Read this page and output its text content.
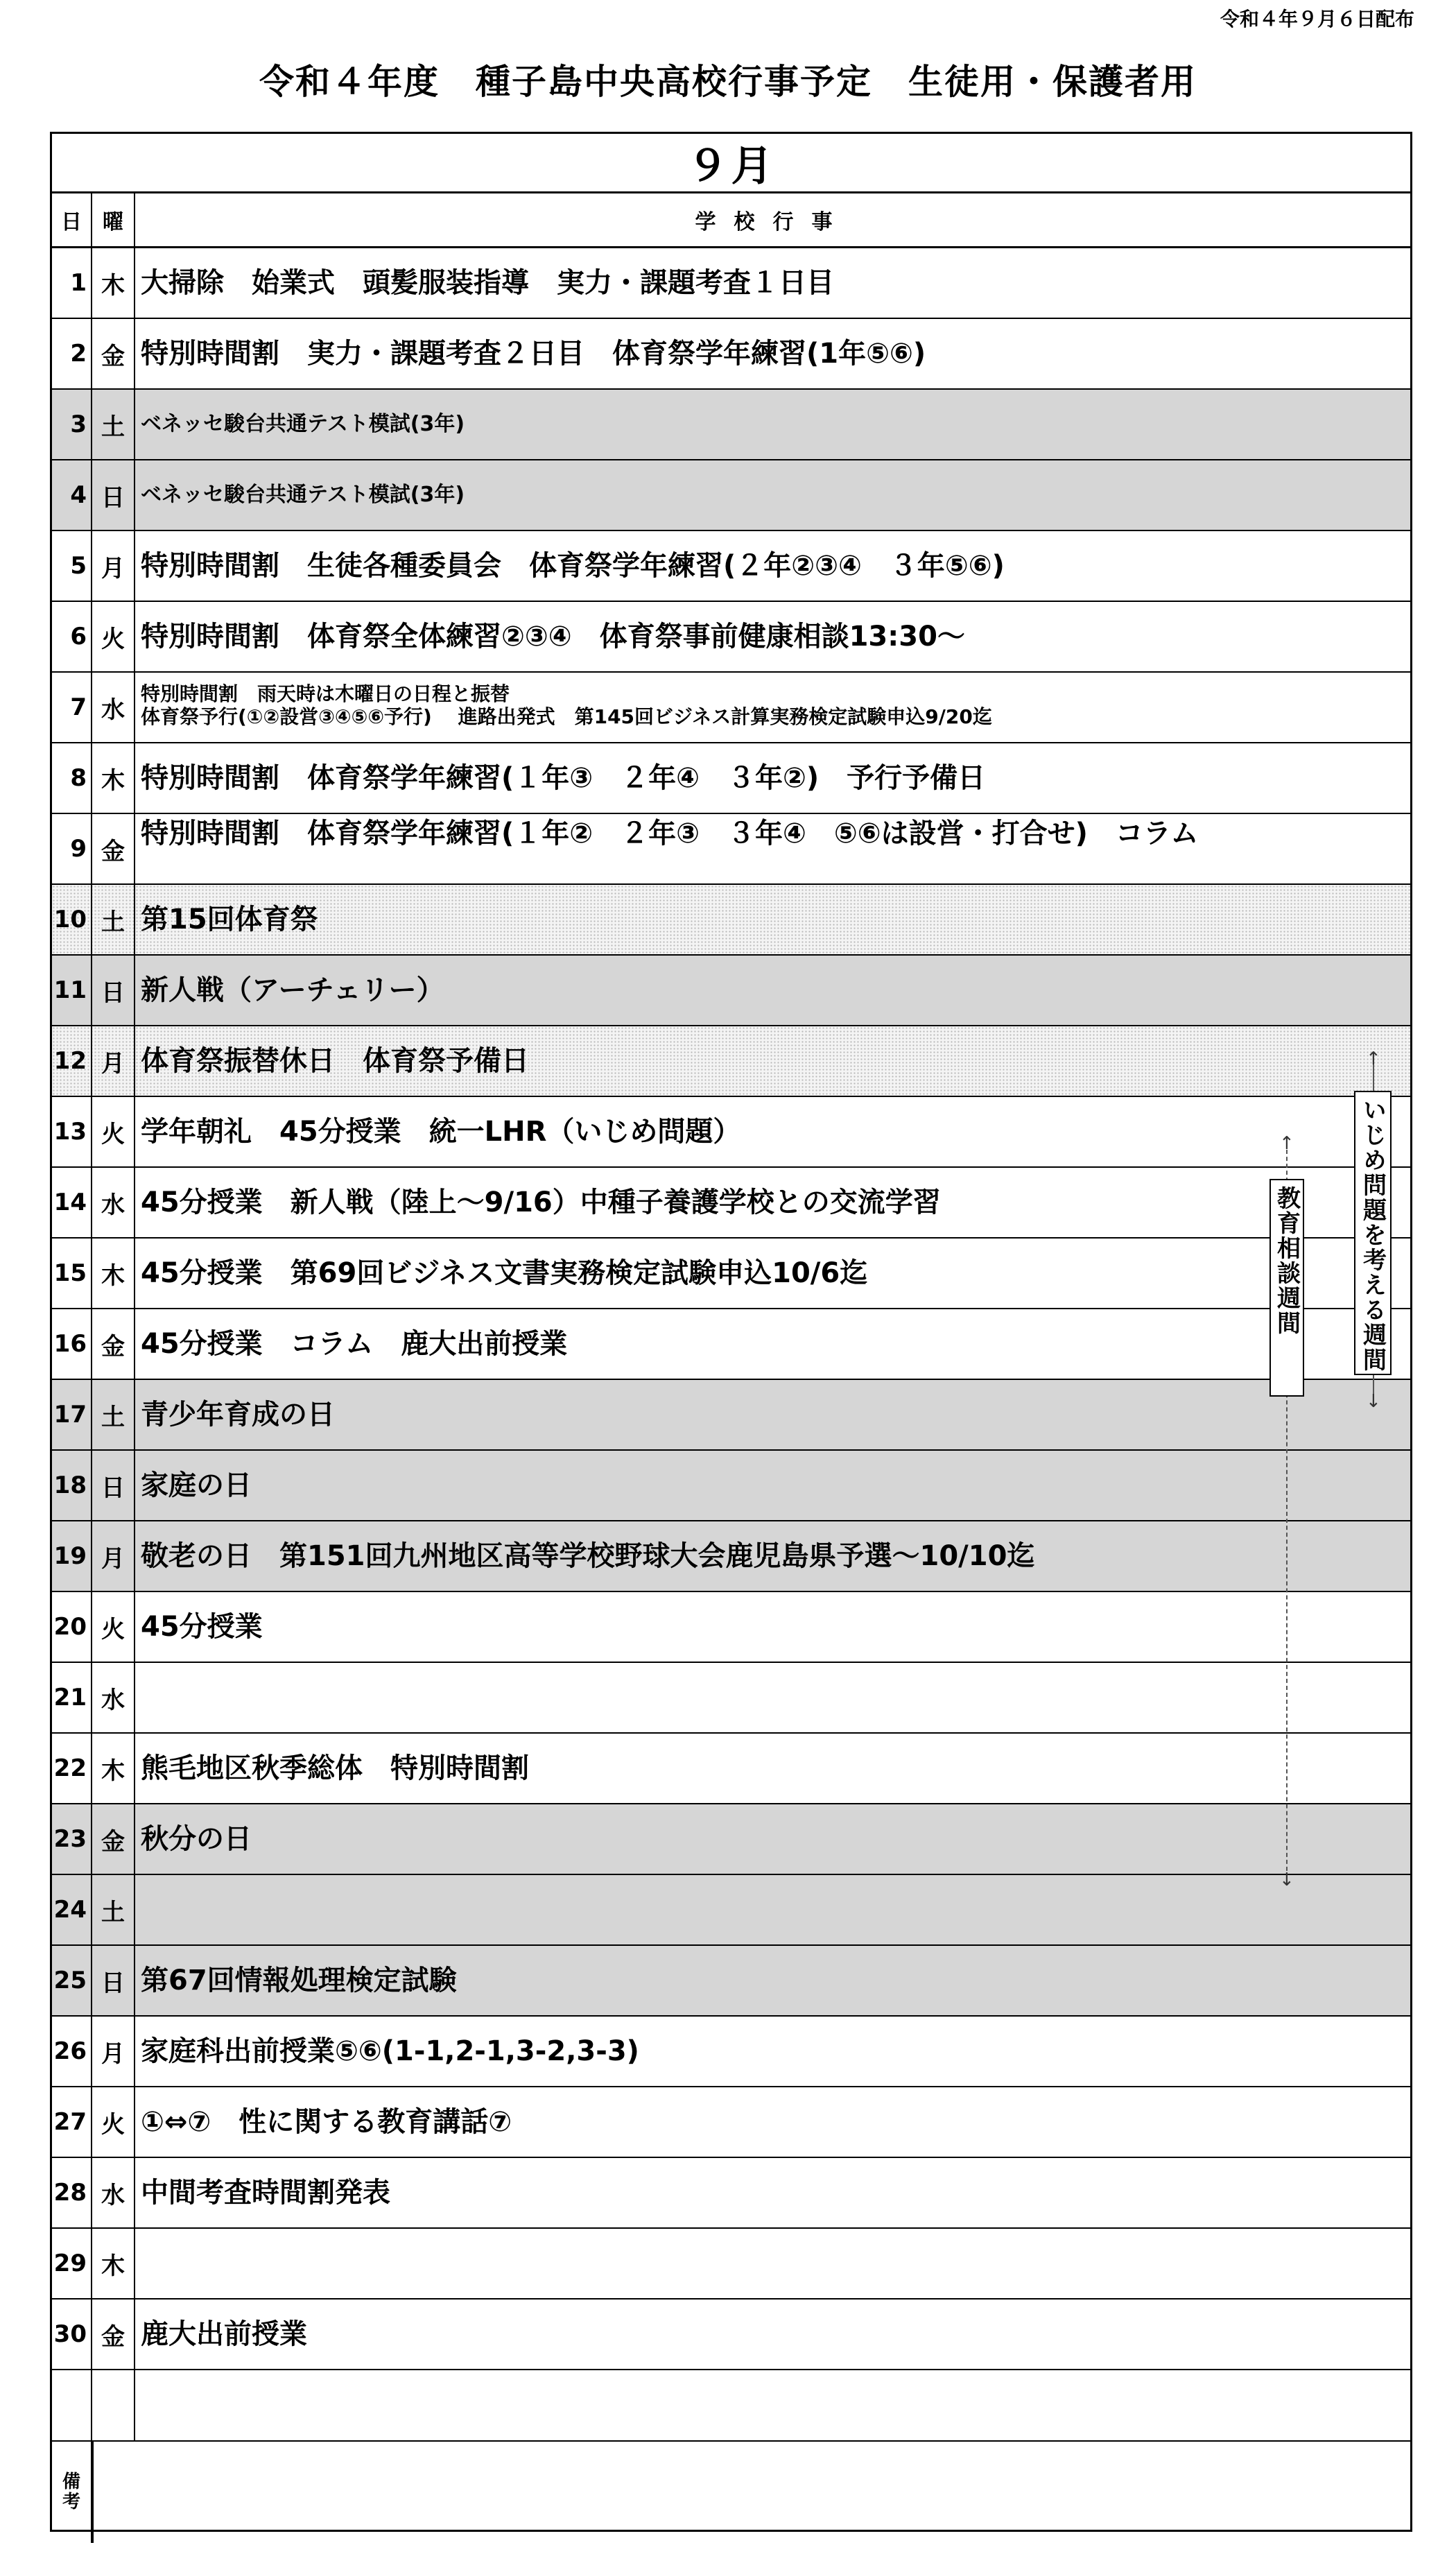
令和４年９月６日配布
令和４年度　種子島中央高校行事予定　生徒用・保護者用
９月
日	曜	学校行事
1 木 大掃除　始業式　頭髪服装指導　実力・課題考査１日目
2 金 特別時間割　実力・課題考査２日目　体育祭学年練習(1年⑤⑥)
3 土 ベネッセ駿台共通テスト模試(3年)
4 日 ベネッセ駿台共通テスト模試(3年)
5 月 特別時間割　生徒各種委員会　体育祭学年練習(２年②③④　３年⑤⑥)
6 火 特別時間割　体育祭全体練習②③④　体育祭事前健康相談13:30～
7 水
特別時間割　雨天時は木曜日の日程と振替
体育祭予行(①②設営③④⑤⑥予行)　 進路出発式　第145回ビジネス計算実務検定試験申込9/20迄
8 木 特別時間割　体育祭学年練習(１年③　２年④　３年②)　予行予備日
9 金
特別時間割　体育祭学年練習(１年②　２年③　３年④　⑤⑥は設営・打合せ)　コラム
10 土 第15回体育祭
11 日 新人戦（アーチェリー）
12 月 体育祭振替休日　体育祭予備日
13 火 学年朝礼　45分授業　統一LHR（いじめ問題）
14 水 45分授業　新人戦（陸上～9/16）中種子養護学校との交流学習
15 木 45分授業　第69回ビジネス文書実務検定試験申込10/6迄
16 金 45分授業　コラム　鹿大出前授業
17 土 青少年育成の日
18 日 家庭の日
19 月 敬老の日　第151回九州地区高等学校野球大会鹿児島県予選～10/10迄
20 火 45分授業
21 水
22 木 熊毛地区秋季総体　特別時間割
23 金 秋分の日
24 土
25 日 第67回情報処理検定試験
26 月 家庭科出前授業⑤⑥(1-1,2-1,3-2,3-3)
27 火 ①⇔⑦　性に関する教育講話⑦
28 水 中間考査時間割発表
29 木
30 金 鹿大出前授業
備
考
↑
↓
教育相談週間
↑
↓
いじめ問題を考える週間
